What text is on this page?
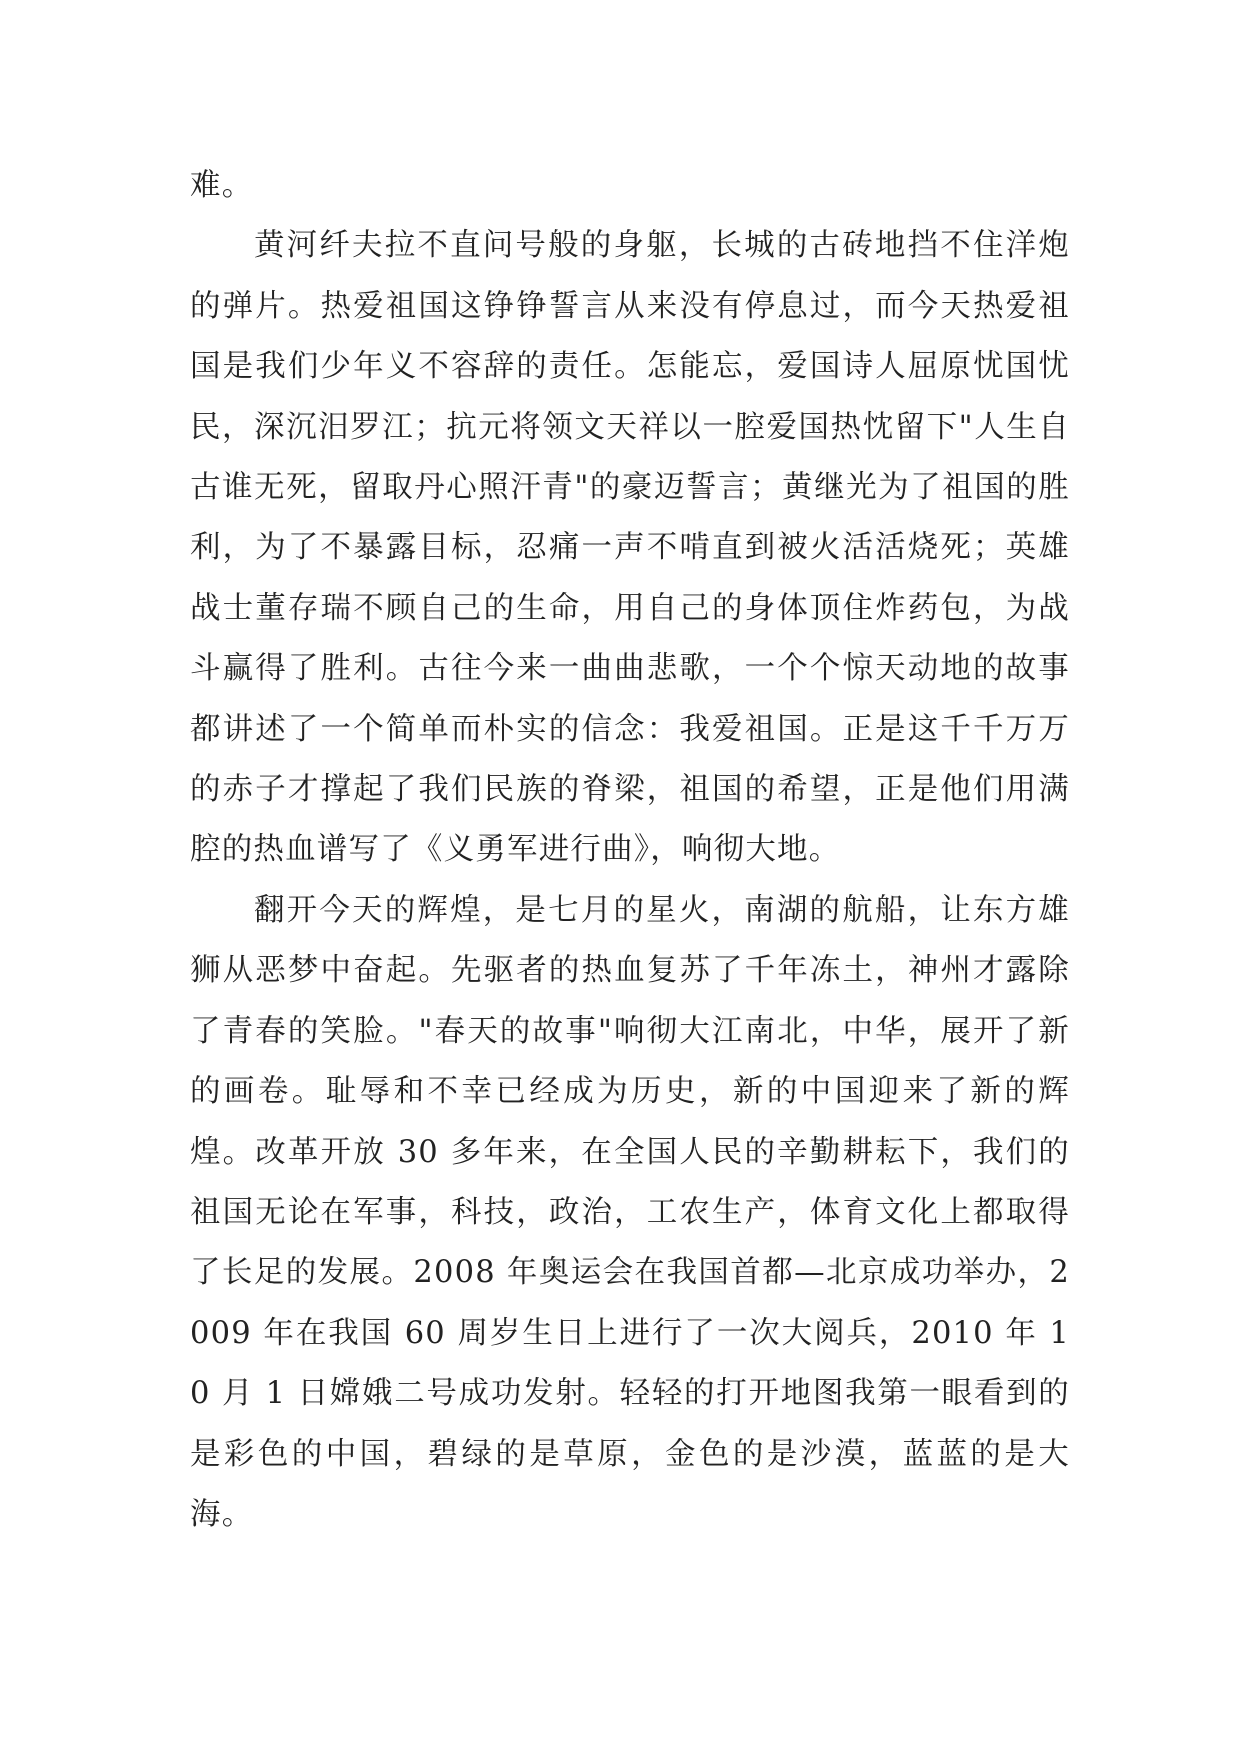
难。

黄河纤夫拉不直问号般的身躯，长城的古砖地挡不住洋炮的弹片。热爱祖国这铮铮誓言从来没有停息过，而今天热爱祖国是我们少年义不容辞的责任。怎能忘，爱国诗人屈原忧国忧民，深沉汨罗江；抗元将领文天祥以一腔爱国热忱留下"人生自古谁无死，留取丹心照汗青"的豪迈誓言；黄继光为了祖国的胜利，为了不暴露目标，忍痛一声不啃直到被火活活烧死；英雄战士董存瑞不顾自己的生命，用自己的身体顶住炸药包，为战斗赢得了胜利。古往今来一曲曲悲歌，一个个惊天动地的故事都讲述了一个简单而朴实的信念：我爱祖国。正是这千千万万的赤子才撑起了我们民族的脊梁，祖国的希望，正是他们用满腔的热血谱写了《义勇军进行曲》，响彻大地。

翻开今天的辉煌，是七月的星火，南湖的航船，让东方雄狮从恶梦中奋起。先驱者的热血复苏了千年冻土，神州才露除了青春的笑脸。"春天的故事"响彻大江南北，中华，展开了新的画卷。耻辱和不幸已经成为历史，新的中国迎来了新的辉煌。改革开放 30 多年来，在全国人民的辛勤耕耘下，我们的祖国无论在军事，科技，政治，工农生产，体育文化上都取得了长足的发展。2008 年奥运会在我国首都—北京成功举办，2009 年在我国 60 周岁生日上进行了一次大阅兵，2010 年 10 月 1 日嫦娥二号成功发射。轻轻的打开地图我第一眼看到的是彩色的中国，碧绿的是草原，金色的是沙漠，蓝蓝的是大海。
